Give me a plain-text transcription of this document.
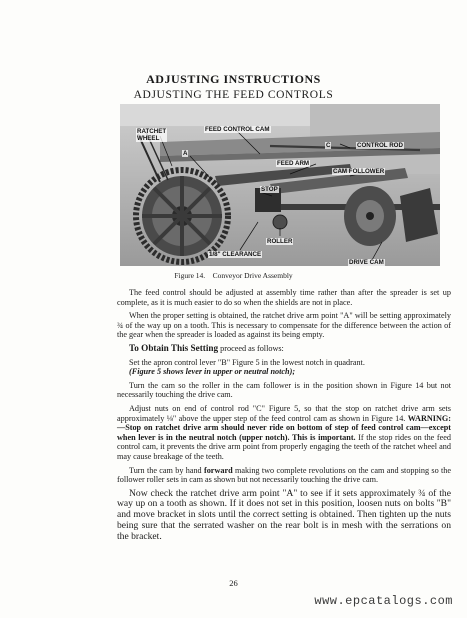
ADJUSTING INSTRUCTIONS
ADJUSTING THE FEED CONTROLS
RATCHET
WHEEL
A
FEED CONTROL CAM
C	CONTROL ROD
FEED ARM
CAM FOLLOWER
STOP
ROLLER
1/8" CLEARANCE
DRIVE CAM
Figure 14. Conveyor Drive Assembly

The feed control should be adjusted at assembly time rather than after the spreader is set up complete, as it is much easier to do so when the shields are not in place.

When the proper setting is obtained, the ratchet drive arm point "A" will be setting approximately ¾ of the way up on a tooth. This is necessary to compensate for the difference between the action of the gear when the spreader is loaded as against its being empty.

To Obtain This Setting proceed as follows:

Set the apron control lever "B" Figure 5 in the lowest notch in quadrant.

(Figure 5 shows lever in upper or neutral notch);

Turn the cam so the roller in the cam follower is in the position shown in Figure 14 but not necessarily touching the drive cam.

Adjust nuts on end of control rod "C" Figure 5, so that the stop on ratchet drive arm sets approximately ⅛" above the upper step of the feed control cam as shown in Figure 14. WARNING:—Stop on ratchet drive arm should never ride on bottom of step of feed control cam—except when lever is in the neutral notch (upper notch). This is important. If the stop rides on the feed control cam, it prevents the drive arm point from properly engaging the teeth of the ratchet wheel and may cause breakage of the teeth.

Turn the cam by hand forward making two complete revolutions on the cam and stopping so the follower roller sets in cam as shown but not necessarily touching the drive cam.

Now check the ratchet drive arm point "A" to see if it sets approximately ¾ of the way up on a tooth as shown. If it does not set in this position, loosen nuts on bolts "B" and move bracket in slots until the correct setting is obtained. Then tighten up the nuts being sure that the serrated washer on the rear bolt is in mesh with the serrations on the bracket.

26
www.epcatalogs.com
